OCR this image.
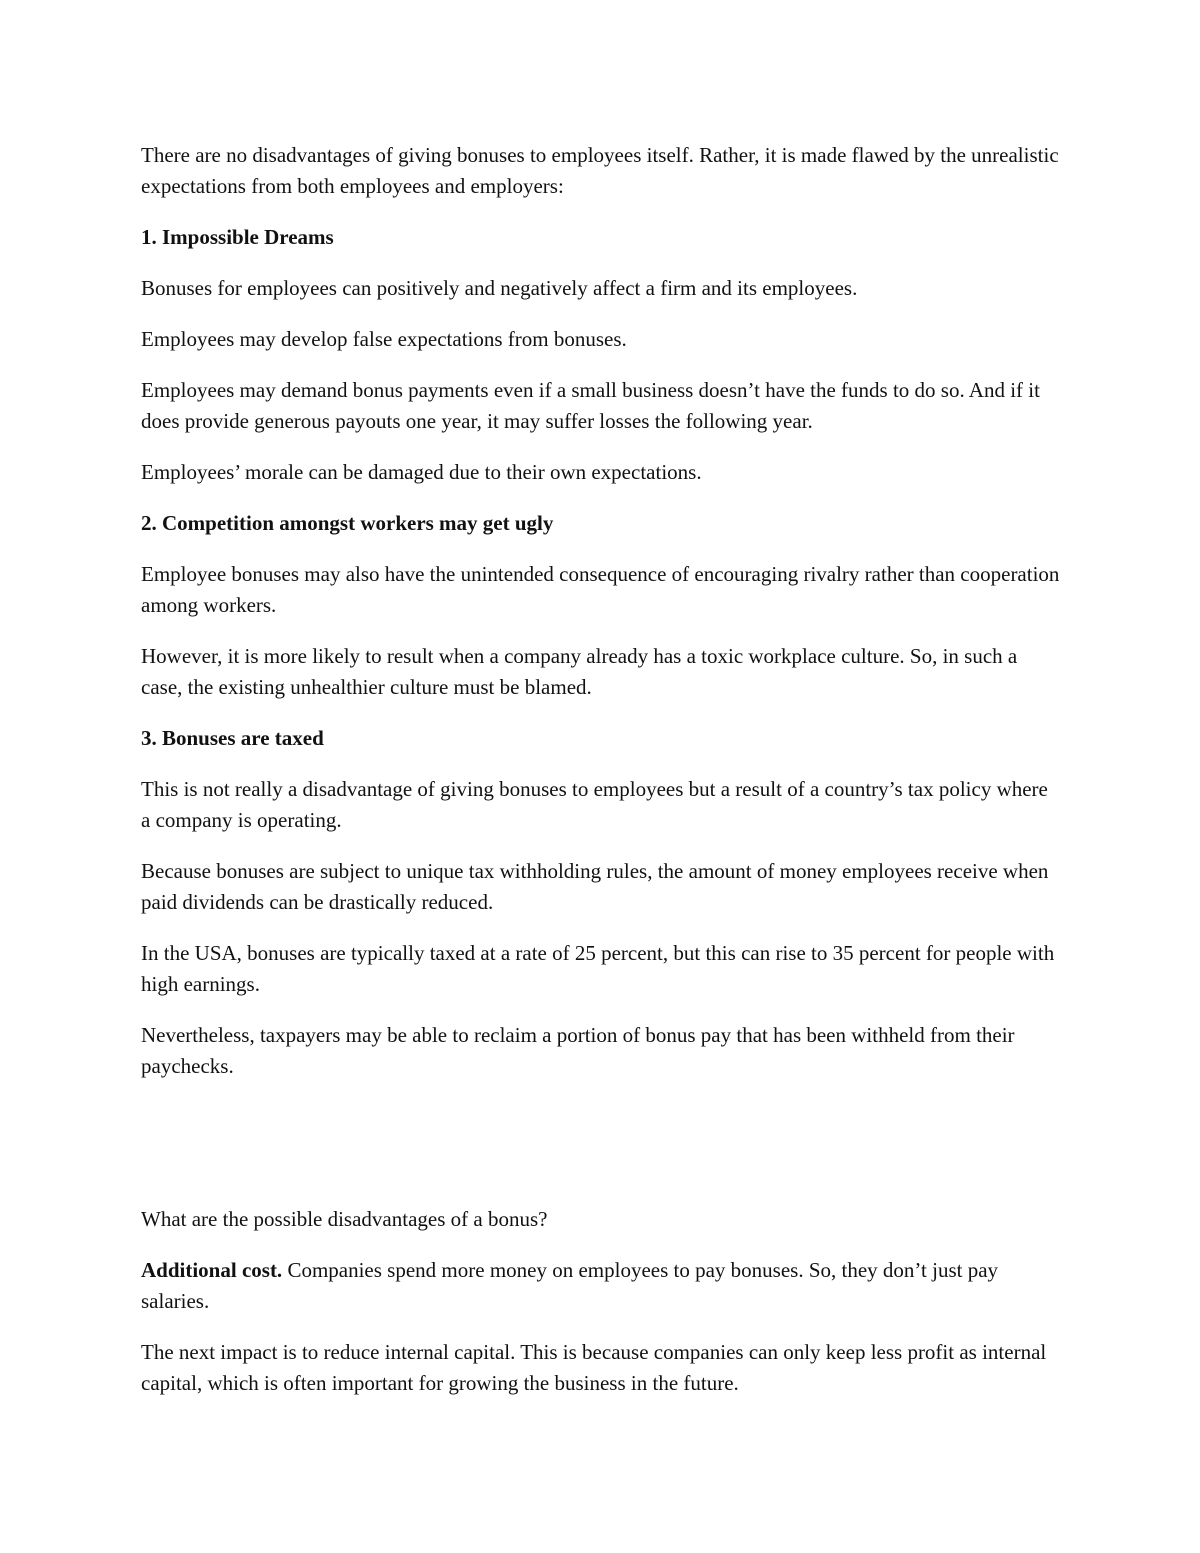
There are no disadvantages of giving bonuses to employees itself. Rather, it is made flawed by the unrealistic expectations from both employees and employers:

1. Impossible Dreams

Bonuses for employees can positively and negatively affect a firm and its employees.

Employees may develop false expectations from bonuses.

Employees may demand bonus payments even if a small business doesn’t have the funds to do so. And if it does provide generous payouts one year, it may suffer losses the following year.

Employees’ morale can be damaged due to their own expectations.

2. Competition amongst workers may get ugly

Employee bonuses may also have the unintended consequence of encouraging rivalry rather than cooperation among workers.

However, it is more likely to result when a company already has a toxic workplace culture. So, in such a case, the existing unhealthier culture must be blamed.

3. Bonuses are taxed

This is not really a disadvantage of giving bonuses to employees but a result of a country’s tax policy where a company is operating.

Because bonuses are subject to unique tax withholding rules, the amount of money employees receive when paid dividends can be drastically reduced.

In the USA, bonuses are typically taxed at a rate of 25 percent, but this can rise to 35 percent for people with high earnings.

Nevertheless, taxpayers may be able to reclaim a portion of bonus pay that has been withheld from their paychecks.

What are the possible disadvantages of a bonus?

Additional cost. Companies spend more money on employees to pay bonuses. So, they don’t just pay salaries.

The next impact is to reduce internal capital. This is because companies can only keep less profit as internal capital, which is often important for growing the business in the future.
